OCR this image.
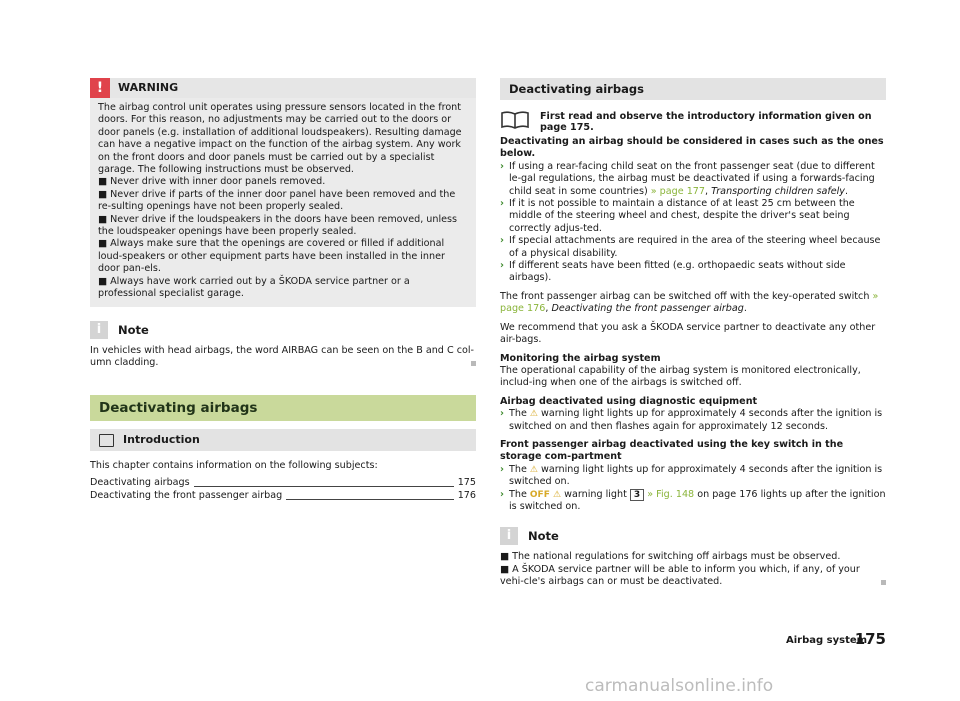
!
WARNING

The airbag control unit operates using pressure sensors located in the front doors. For this reason, no adjustments may be carried out to the doors or door panels (e.g. installation of additional loudspeakers). Resulting damage can have a negative impact on the function of the airbag system. Any work on the front doors and door panels must be carried out by a specialist garage. The following instructions must be observed.

■ Never drive with inner door panels removed.

■ Never drive if parts of the inner door panel have been removed and the re-sulting openings have not been properly sealed.

■ Never drive if the loudspeakers in the doors have been removed, unless the loudspeaker openings have been properly sealed.

■ Always make sure that the openings are covered or filled if additional loud-speakers or other equipment parts have been installed in the inner door pan-els.

■ Always have work carried out by a ŠKODA service partner or a professional specialist garage.

i
Note

In vehicles with head airbags, the word AIRBAG can be seen on the B and C col-umn cladding.

Deactivating airbags
Introduction

This chapter contains information on the following subjects:

Deactivating airbags	175
Deactivating the front passenger airbag	176
Deactivating airbags
First read and observe the introductory information given on page 175.

Deactivating an airbag should be considered in cases such as the ones below.

› If using a rear-facing child seat on the front passenger seat (due to different le-gal regulations, the airbag must be deactivated if using a forwards-facing child seat in some countries) » page 177, Transporting children safely.

› If it is not possible to maintain a distance of at least 25 cm between the middle of the steering wheel and chest, despite the driver's seat being correctly adjus-ted.

› If special attachments are required in the area of the steering wheel because of a physical disability.

› If different seats have been fitted (e.g. orthopaedic seats without side airbags).

The front passenger airbag can be switched off with the key-operated switch » page 176, Deactivating the front passenger airbag.

We recommend that you ask a ŠKODA service partner to deactivate any other air-bags.

Monitoring the airbag system

The operational capability of the airbag system is monitored electronically, includ-ing when one of the airbags is switched off.

Airbag deactivated using diagnostic equipment

› The ⚠ warning light lights up for approximately 4 seconds after the ignition is switched on and then flashes again for approximately 12 seconds.

Front passenger airbag deactivated using the key switch in the storage com-partment

› The ⚠ warning light lights up for approximately 4 seconds after the ignition is switched on.

› The OFF ⚠ warning light 3 » Fig. 148 on page 176 lights up after the ignition is switched on.

i
Note

■ The national regulations for switching off airbags must be observed.

■ A ŠKODA service partner will be able to inform you which, if any, of your vehi-cle's airbags can or must be deactivated.

Airbag system
175
carmanualsonline.info
